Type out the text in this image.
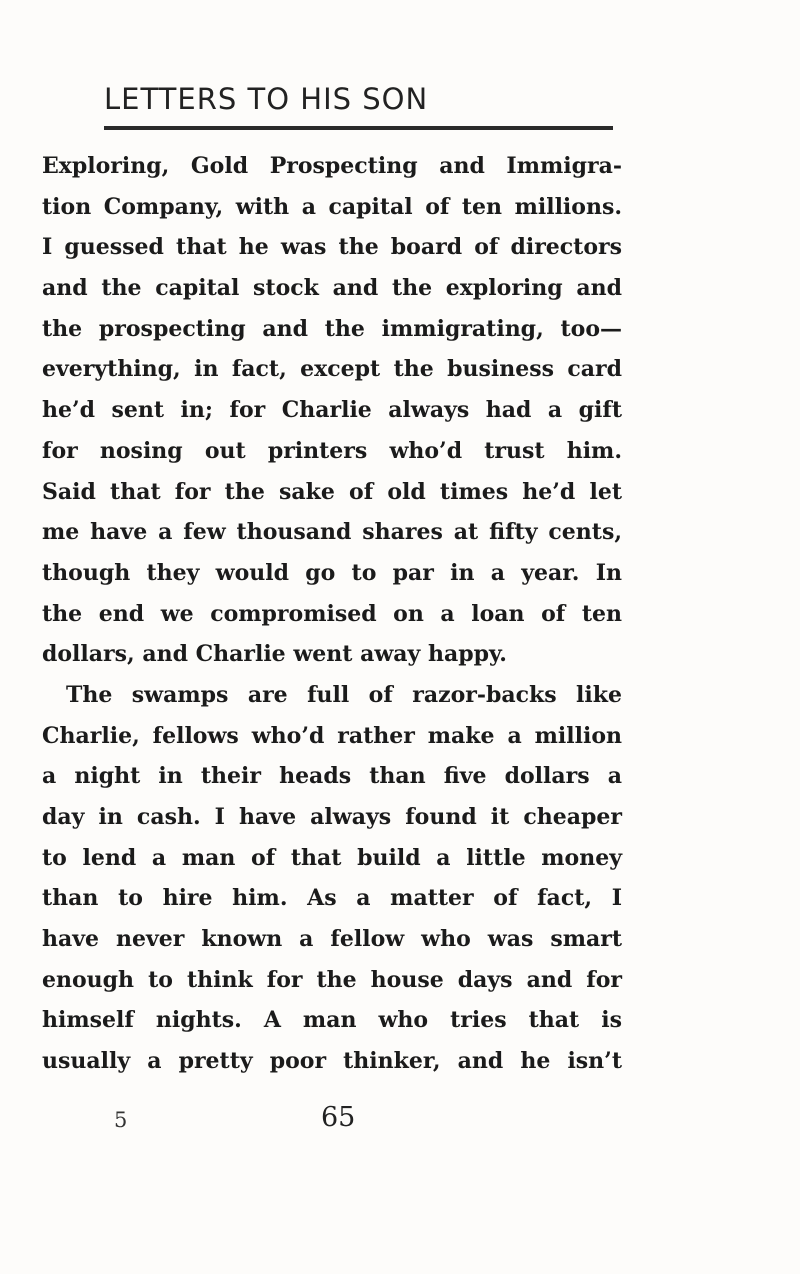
LETTERS TO HIS SON
Exploring, Gold Prospecting and Immigra-
tion Company, with a capital of ten millions.
I guessed that he was the board of directors
and the capital stock and the exploring and
the prospecting and the immigrating, too—
everything, in fact, except the business card
he’d sent in; for Charlie always had a gift
for nosing out printers who’d trust him.
Said that for the sake of old times he’d let
me have a few thousand shares at fifty cents,
though they would go to par in a year. In
the end we compromised on a loan of ten
dollars, and Charlie went away happy.
The swamps are full of razor-backs like
Charlie, fellows who’d rather make a million
a night in their heads than five dollars a
day in cash. I have always found it cheaper
to lend a man of that build a little money
than to hire him. As a matter of fact, I
have never known a fellow who was smart
enough to think for the house days and for
himself nights. A man who tries that is
usually a pretty poor thinker, and he isn’t
5	65
